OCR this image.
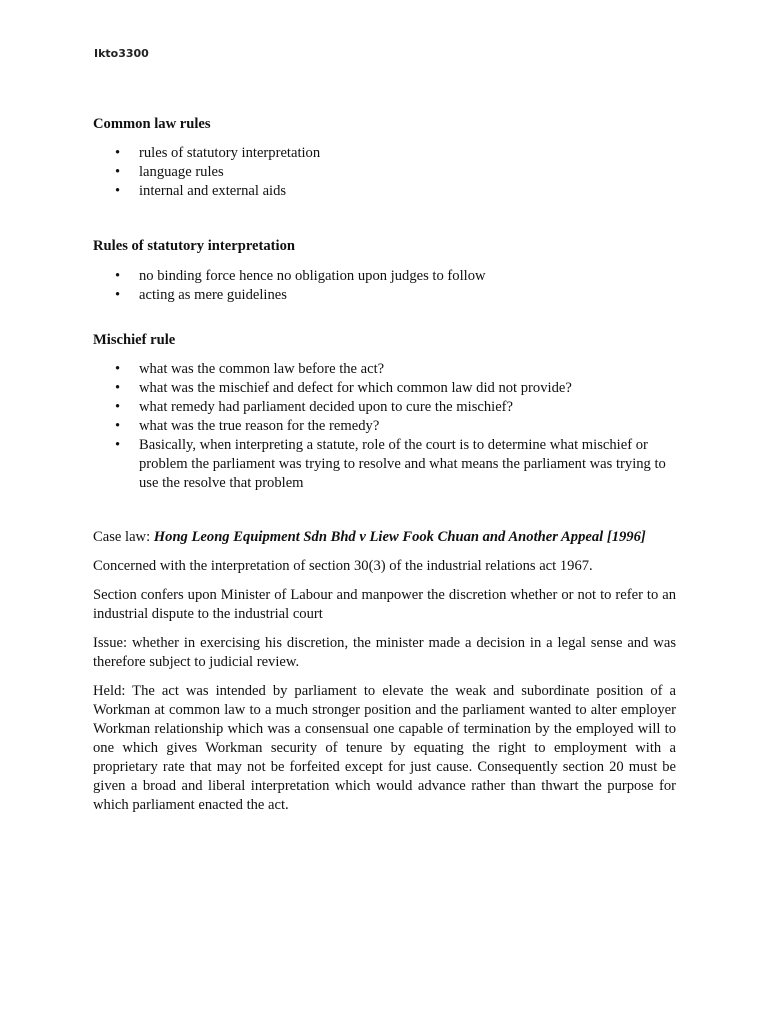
Ikto3300
Common law rules
• rules of statutory interpretation
• language rules
• internal and external aids
Rules of statutory interpretation
• no binding force hence no obligation upon judges to follow
• acting as mere guidelines
Mischief rule
• what was the common law before the act?
• what was the mischief and defect for which common law did not provide?
• what remedy had parliament decided upon to cure the mischief?
• what was the true reason for the remedy?
• Basically, when interpreting a statute, role of the court is to determine what mischief or problem the parliament was trying to resolve and what means the parliament was trying to use the resolve that problem

Case law: Hong Leong Equipment Sdn Bhd v Liew Fook Chuan and Another Appeal [1996]

Concerned with the interpretation of section 30(3) of the industrial relations act 1967.

Section confers upon Minister of Labour and manpower the discretion whether or not to refer to an industrial dispute to the industrial court

Issue: whether in exercising his discretion, the minister made a decision in a legal sense and was therefore subject to judicial review.

Held: The act was intended by parliament to elevate the weak and subordinate position of a Workman at common law to a much stronger position and the parliament wanted to alter employer Workman relationship which was a consensual one capable of termination by the employed will to one which gives Workman security of tenure by equating the right to employment with a proprietary rate that may not be forfeited except for just cause. Consequently section 20 must be given a broad and liberal interpretation which would advance rather than thwart the purpose for which parliament enacted the act.
